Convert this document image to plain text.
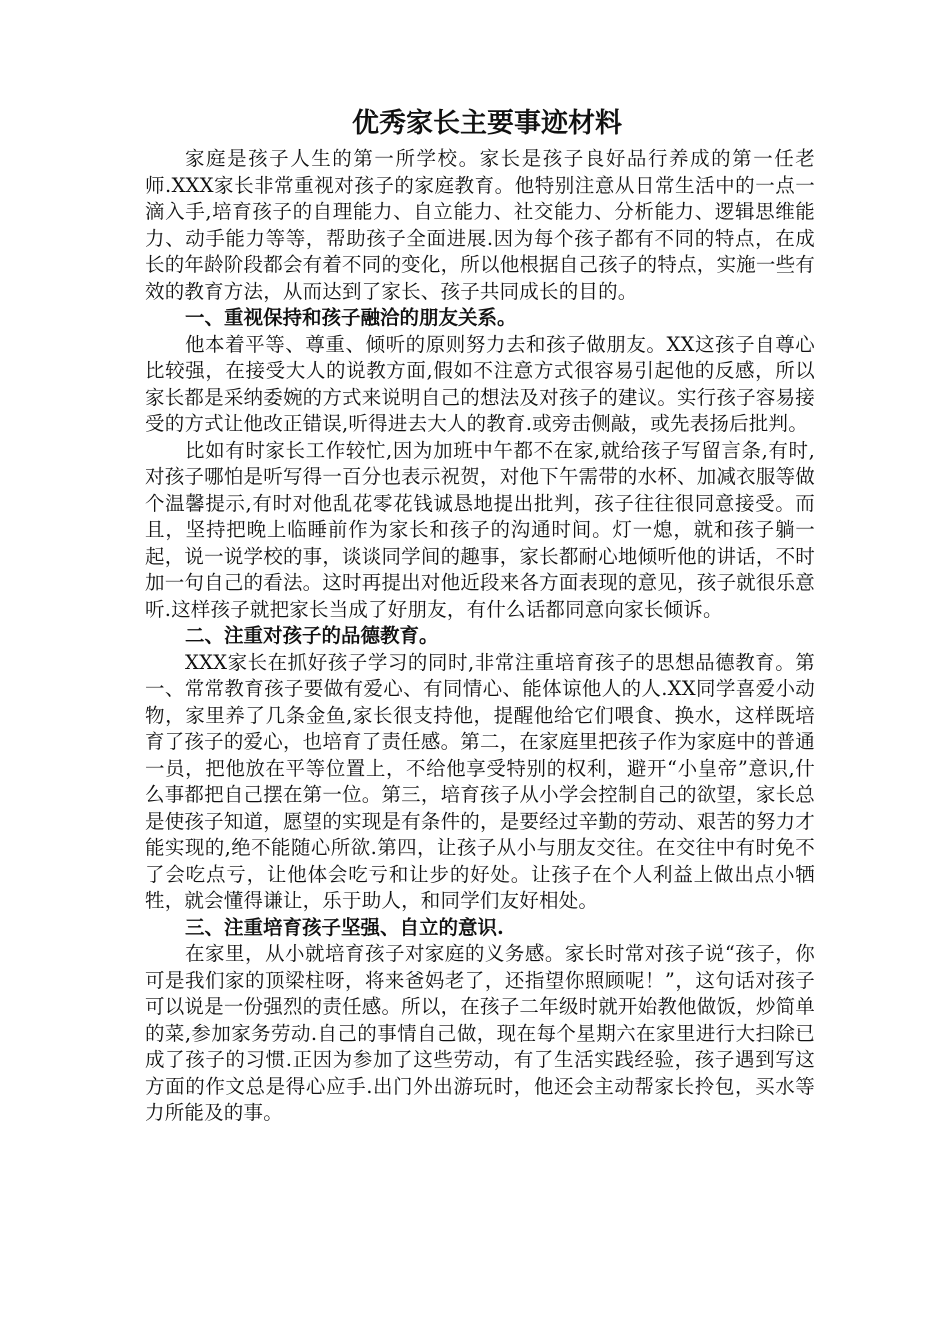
优秀家长主要事迹材料

家庭是孩子人生的第一所学校。家长是孩子良好品行养成的第一任老师.XXX家长非常重视对孩子的家庭教育。他特别注意从日常生活中的一点一滴入手,培育孩子的自理能力、自立能力、社交能力、分析能力、逻辑思维能力、动手能力等等，帮助孩子全面进展.因为每个孩子都有不同的特点，在成长的年龄阶段都会有着不同的变化，所以他根据自己孩子的特点，实施一些有效的教育方法，从而达到了家长、孩子共同成长的目的。

一、重视保持和孩子融洽的朋友关系。

他本着平等、尊重、倾听的原则努力去和孩子做朋友。XX这孩子自尊心比较强，在接受大人的说教方面,假如不注意方式很容易引起他的反感，所以家长都是采纳委婉的方式来说明自己的想法及对孩子的建议。实行孩子容易接受的方式让他改正错误,听得进去大人的教育.或旁击侧敲，或先表扬后批判。

比如有时家长工作较忙,因为加班中午都不在家,就给孩子写留言条,有时,对孩子哪怕是听写得一百分也表示祝贺，对他下午需带的水杯、加减衣服等做个温馨提示,有时对他乱花零花钱诚恳地提出批判，孩子往往很同意接受。而且，坚持把晚上临睡前作为家长和孩子的沟通时间。灯一熄，就和孩子躺一起，说一说学校的事，谈谈同学间的趣事，家长都耐心地倾听他的讲话，不时加一句自己的看法。这时再提出对他近段来各方面表现的意见，孩子就很乐意听.这样孩子就把家长当成了好朋友，有什么话都同意向家长倾诉。

二、注重对孩子的品德教育。

XXX家长在抓好孩子学习的同时,非常注重培育孩子的思想品德教育。第一、常常教育孩子要做有爱心、有同情心、能体谅他人的人.XX同学喜爱小动物，家里养了几条金鱼,家长很支持他，提醒他给它们喂食、换水，这样既培育了孩子的爱心，也培育了责任感。第二，在家庭里把孩子作为家庭中的普通一员，把他放在平等位置上，不给他享受特别的权利，避开“小皇帝”意识,什么事都把自己摆在第一位。第三，培育孩子从小学会控制自己的欲望，家长总是使孩子知道，愿望的实现是有条件的，是要经过辛勤的劳动、艰苦的努力才能实现的,绝不能随心所欲.第四，让孩子从小与朋友交往。在交往中有时免不了会吃点亏，让他体会吃亏和让步的好处。让孩子在个人利益上做出点小牺牲，就会懂得谦让，乐于助人，和同学们友好相处。

三、注重培育孩子坚强、自立的意识.

在家里，从小就培育孩子对家庭的义务感。家长时常对孩子说“孩子，你可是我们家的顶梁柱呀，将来爸妈老了，还指望你照顾呢！”，这句话对孩子可以说是一份强烈的责任感。所以，在孩子二年级时就开始教他做饭，炒简单的菜,参加家务劳动.自己的事情自己做，现在每个星期六在家里进行大扫除已成了孩子的习惯.正因为参加了这些劳动，有了生活实践经验，孩子遇到写这方面的作文总是得心应手.出门外出游玩时，他还会主动帮家长拎包，买水等力所能及的事。
